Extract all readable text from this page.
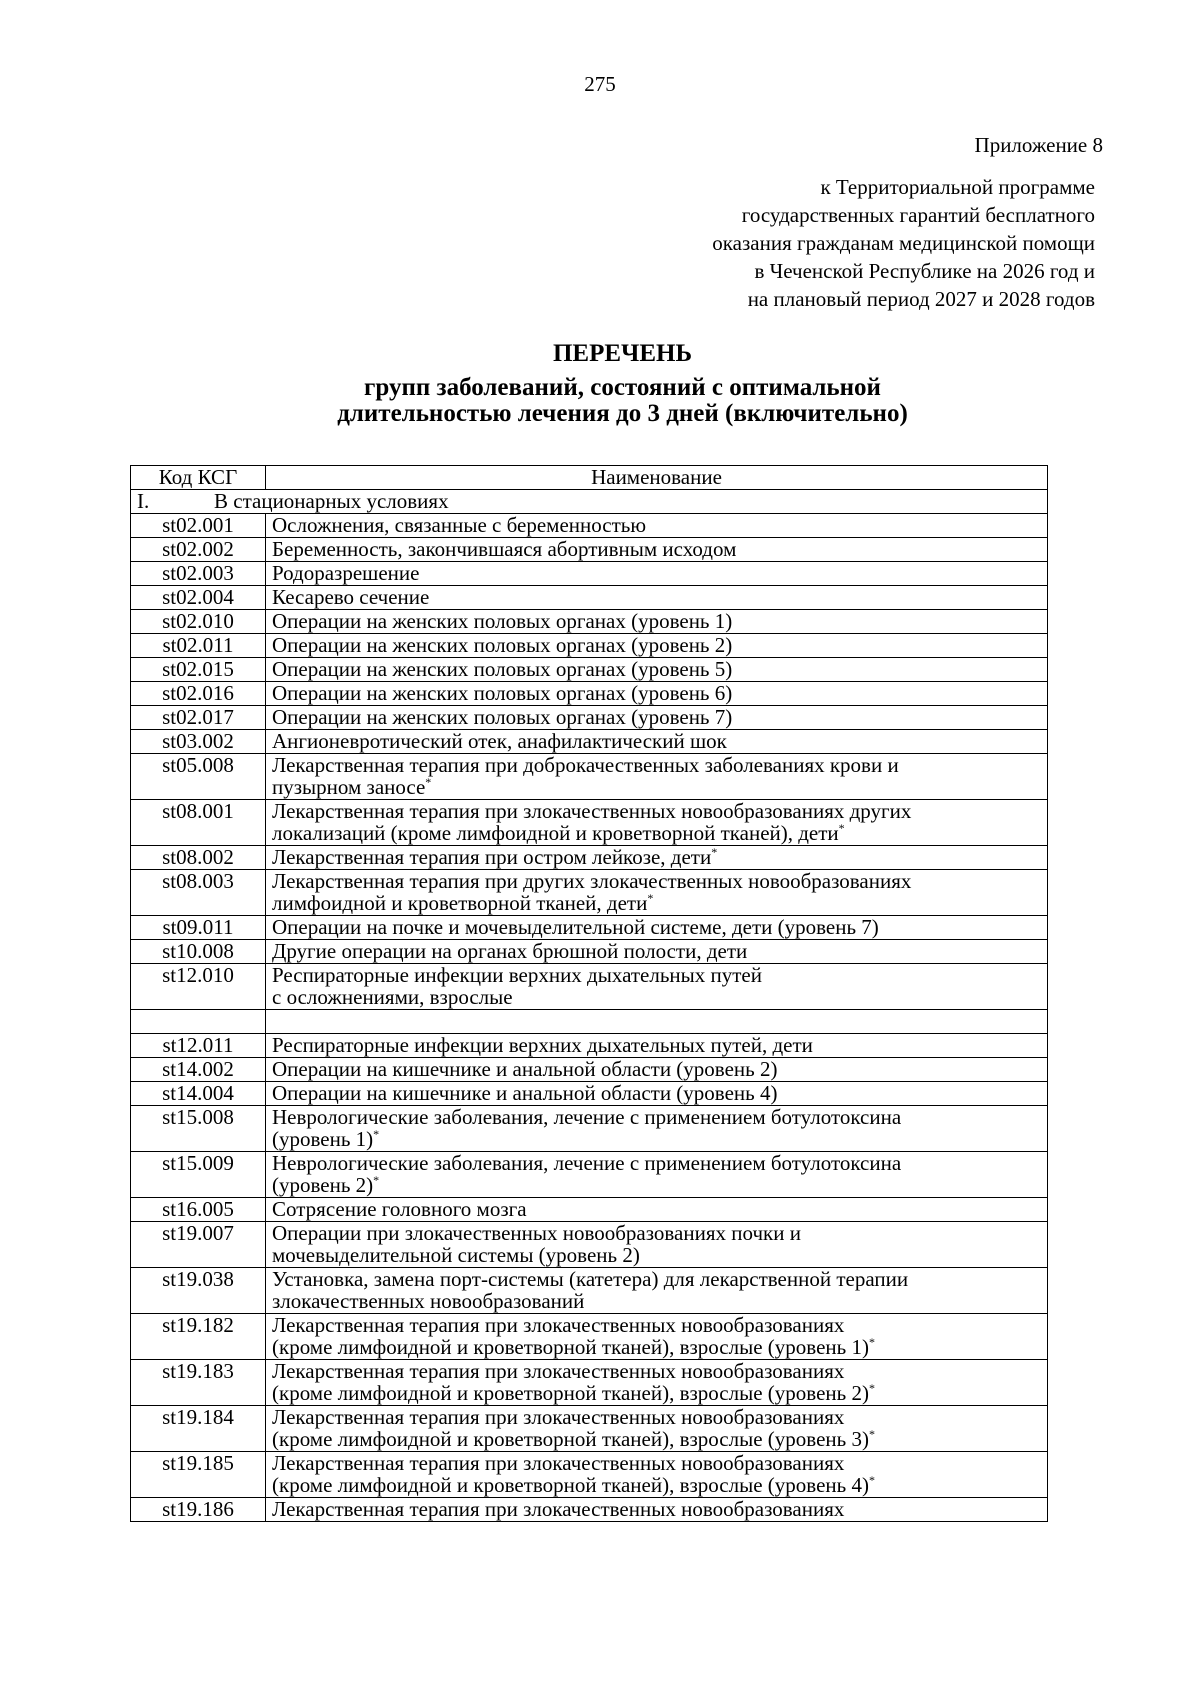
275
Приложение 8
к Территориальной программе
государственных гарантий бесплатного
оказания гражданам медицинской помощи
в Чеченской Республике на 2026 год и
на плановый период 2027 и 2028 годов
ПЕРЕЧЕНЬ
групп заболеваний, состояний с оптимальной
длительностью лечения до 3 дней (включительно)
Код КСГ	Наименование
I. В стационарных условиях	
st02.001	Осложнения, связанные с беременностью

st02.002	Беременность, закончившаяся абортивным исходом

st02.003	Родоразрешение

st02.004	Кесарево сечение

st02.010	Операции на женских половых органах (уровень 1)

st02.011	Операции на женских половых органах (уровень 2)

st02.015	Операции на женских половых органах (уровень 5)

st02.016	Операции на женских половых органах (уровень 6)

st02.017	Операции на женских половых органах (уровень 7)

st03.002	Ангионевротический отек, анафилактический шок

st05.008	Лекарственная терапия при доброкачественных заболеваниях крови и
пузырном заносе*

st08.001	Лекарственная терапия при злокачественных новообразованиях других
локализаций (кроме лимфоидной и кроветворной тканей), дети*

st08.002	Лекарственная терапия при остром лейкозе, дети*

st08.003	Лекарственная терапия при других злокачественных новообразованиях
лимфоидной и кроветворной тканей, дети*

st09.011	Операции на почке и мочевыделительной системе, дети (уровень 7)

st10.008	Другие операции на органах брюшной полости, дети

st12.010	Респираторные инфекции верхних дыхательных путей
с осложнениями, взрослые

st12.011	Респираторные инфекции верхних дыхательных путей, дети

st14.002	Операции на кишечнике и анальной области (уровень 2)

st14.004	Операции на кишечнике и анальной области (уровень 4)

st15.008	Неврологические заболевания, лечение с применением ботулотоксина
(уровень 1)*

st15.009	Неврологические заболевания, лечение с применением ботулотоксина
(уровень 2)*

st16.005	Сотрясение головного мозга

st19.007	Операции при злокачественных новообразованиях почки и
мочевыделительной системы (уровень 2)

st19.038	Установка, замена порт-системы (катетера) для лекарственной терапии
злокачественных новообразований

st19.182	Лекарственная терапия при злокачественных новообразованиях
(кроме лимфоидной и кроветворной тканей), взрослые (уровень 1)*

st19.183	Лекарственная терапия при злокачественных новообразованиях
(кроме лимфоидной и кроветворной тканей), взрослые (уровень 2)*

st19.184	Лекарственная терапия при злокачественных новообразованиях
(кроме лимфоидной и кроветворной тканей), взрослые (уровень 3)*

st19.185	Лекарственная терапия при злокачественных новообразованиях
(кроме лимфоидной и кроветворной тканей), взрослые (уровень 4)*

st19.186	Лекарственная терапия при злокачественных новообразованиях
